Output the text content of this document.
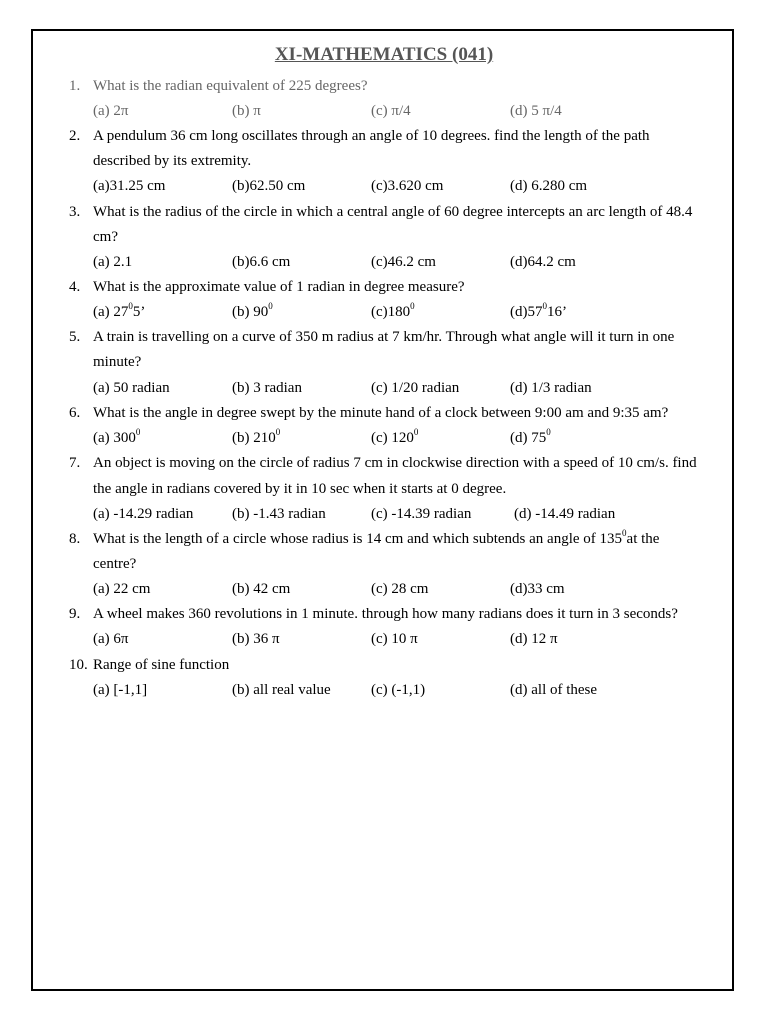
XI-MATHEMATICS (041)
1. What is the radian equivalent of 225 degrees?
(a) 2π	(b) π	(c) π/4	(d) 5 π/4
2. A pendulum 36 cm long oscillates through an angle of 10 degrees. find the length of the path
described by its extremity.
(a)31.25 cm	(b)62.50 cm	(c)3.620 cm	(d) 6.280 cm
3. What is the radius of the circle in which a central angle of 60 degree intercepts an arc length of 48.4
cm?
(a) 2.1	(b)6.6 cm	(c)46.2 cm	(d)64.2 cm
4. What is the approximate value of 1 radian in degree measure?
(a) $27^05$’	(b) $90^0$	$(c)180^0$	$(d)57^016$’
5. A train is travelling on a curve of 350 m radius at 7 km/hr. Through what angle will it turn in one
minute?
(a) 50 radian	(b) 3 radian	(c) 1/20 radian	(d) 1/3 radian
6. What is the angle in degree swept by the minute hand of a clock between 9:00 am and 9:35 am?
(a) $300^0$	(b) $210^0$	(c) $120^0$	(d) $75^0$
7. An object is moving on the circle of radius 7 cm in clockwise direction with a speed of 10 cm/s. find
the angle in radians covered by it in 10 sec when it starts at 0 degree.
(a) -14.29 radian	(b) -1.43 radian	(c) -14.39 radian	(d) -14.49 radian
8. What is the length of a circle whose radius is 14 cm and which subtends an angle of $135^0at$ the
centre?
(a) 22 cm	(b) 42 cm	(c) 28 cm	(d)33 cm
9. A wheel makes 360 revolutions in 1 minute. through how many radians does it turn in 3 seconds?
(a) 6π	(b) 36 π	(c) 10 π	(d) 12 π
10. Range of sine function
(a) [-1,1]	(b) all real value	(c) (-1,1)	(d) all of these
